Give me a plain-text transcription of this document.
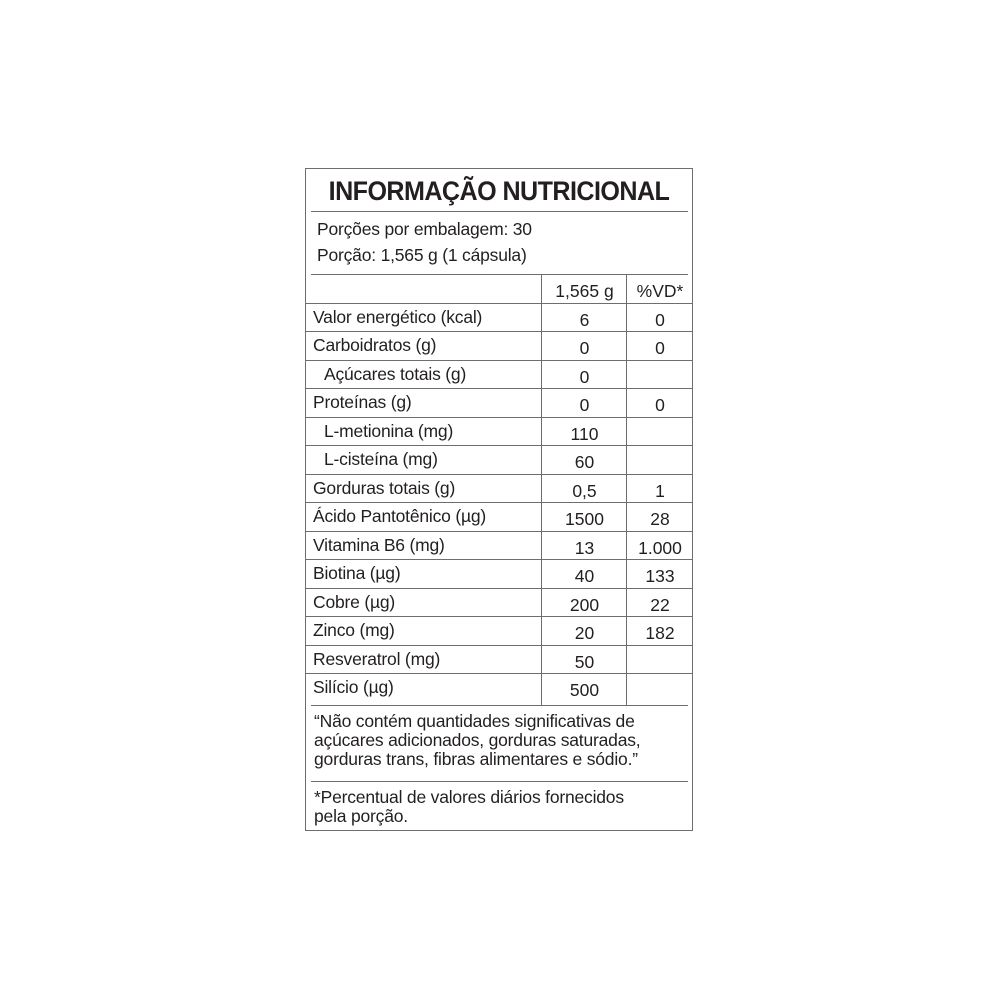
INFORMAÇÃO NUTRICIONAL
Porções por embalagem: 30
Porção: 1,565 g (1 cápsula)
1,565 g	%VD*
Valor energético (kcal)	6	0
Carboidratos (g)	0	0
Açúcares totais (g)	0
Proteínas (g)	0	0
L-metionina (mg)	110
L-cisteína (mg)	60
Gorduras totais (g)	0,5	1
Ácido Pantotênico (µg)	1500	28
Vitamina B6 (mg)	13	1.000
Biotina (µg)	40	133
Cobre (µg)	200	22
Zinco (mg)	20	182
Resveratrol (mg)	50
Silício (µg)	500
“Não contém quantidades significativas de
açúcares adicionados, gorduras saturadas,
gorduras trans, fibras alimentares e sódio.”
*Percentual de valores diários fornecidos
pela porção.
